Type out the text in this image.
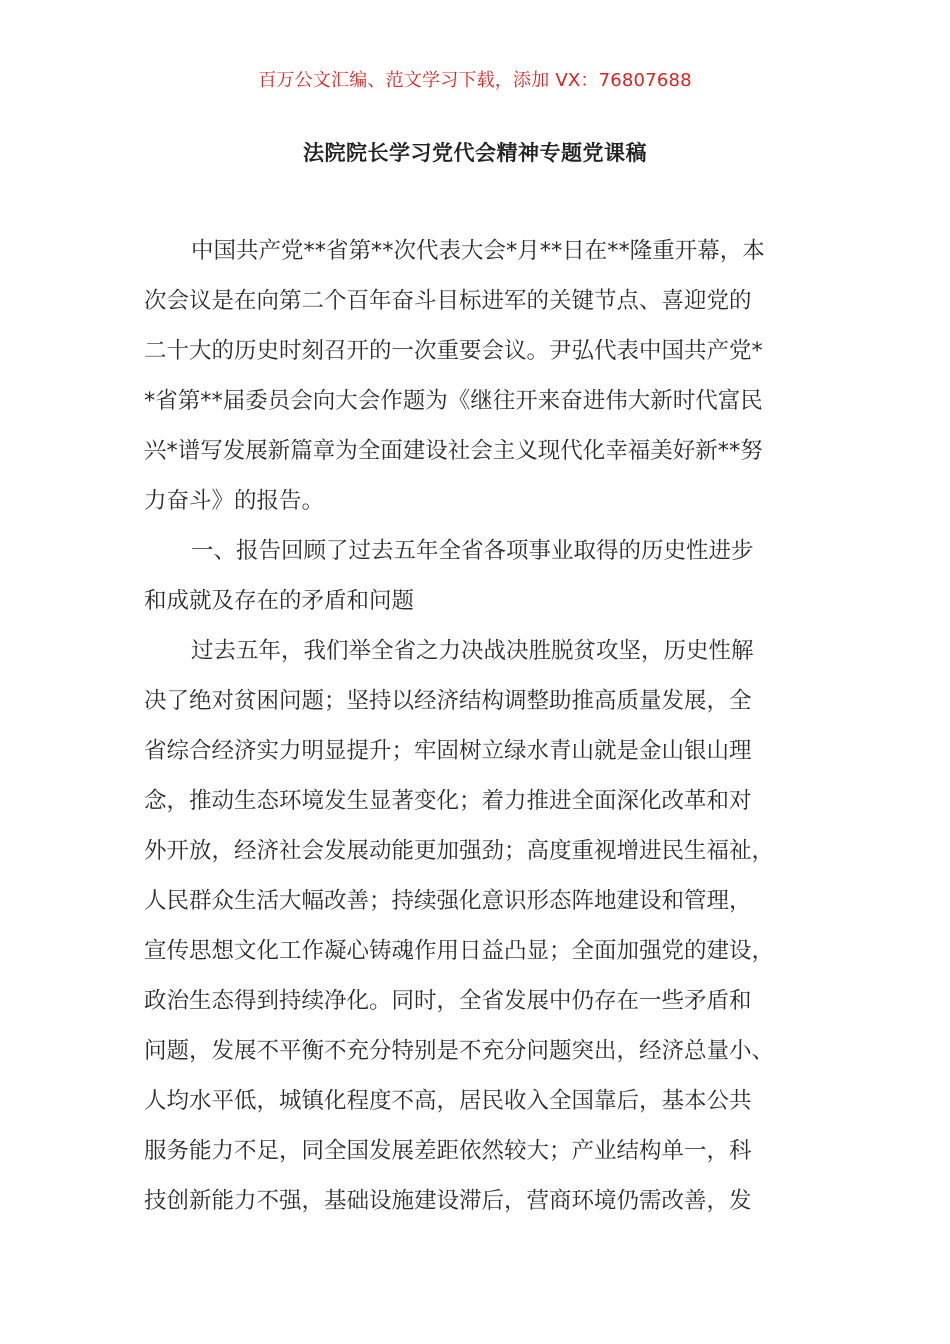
百万公文汇编、范文学习下载，添加 VX：76807688
法院院长学习党代会精神专题党课稿
中国共产党**省第**次代表大会*月**日在**隆重开幕，本
次会议是在向第二个百年奋斗目标进军的关键节点、喜迎党的
二十大的历史时刻召开的一次重要会议。尹弘代表中国共产党*
*省第**届委员会向大会作题为《继往开来奋进伟大新时代富民
兴*谱写发展新篇章为全面建设社会主义现代化幸福美好新**努
力奋斗》的报告。
一、报告回顾了过去五年全省各项事业取得的历史性进步
和成就及存在的矛盾和问题
过去五年，我们举全省之力决战决胜脱贫攻坚，历史性解
决了绝对贫困问题；坚持以经济结构调整助推高质量发展，全
省综合经济实力明显提升；牢固树立绿水青山就是金山银山理
念，推动生态环境发生显著变化；着力推进全面深化改革和对
外开放，经济社会发展动能更加强劲；高度重视增进民生福祉，
人民群众生活大幅改善；持续强化意识形态阵地建设和管理，
宣传思想文化工作凝心铸魂作用日益凸显；全面加强党的建设，
政治生态得到持续净化。同时，全省发展中仍存在一些矛盾和
问题，发展不平衡不充分特别是不充分问题突出，经济总量小、
人均水平低，城镇化程度不高，居民收入全国靠后，基本公共
服务能力不足，同全国发展差距依然较大；产业结构单一，科
技创新能力不强，基础设施建设滞后，营商环境仍需改善，发
